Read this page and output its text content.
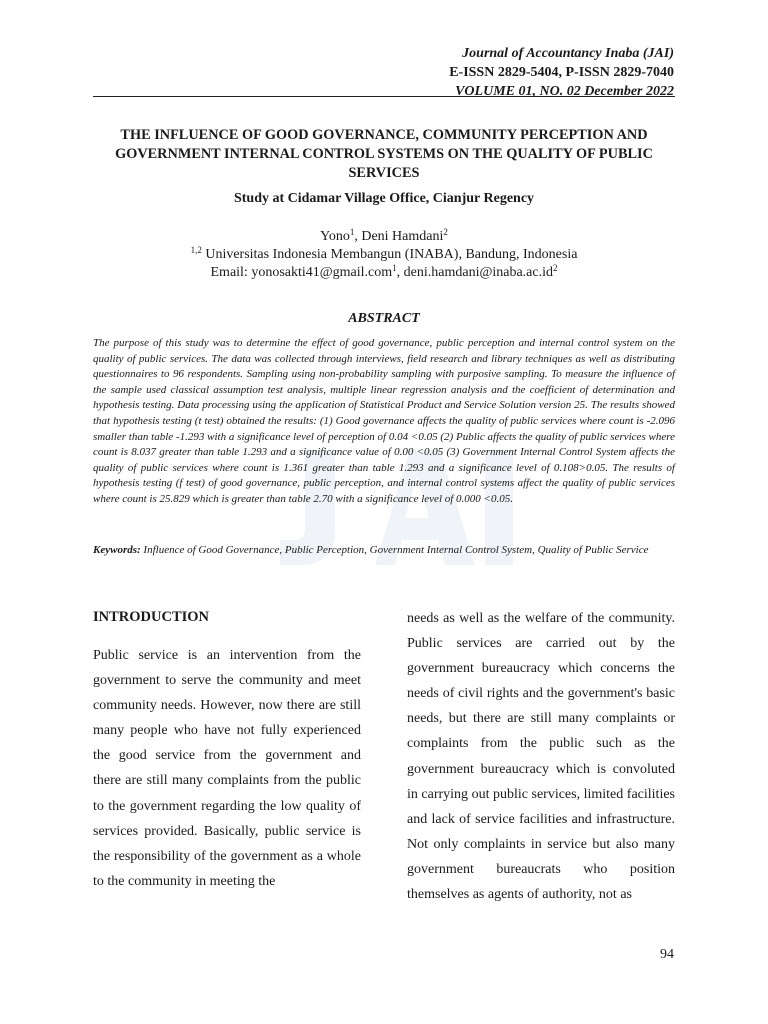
Journal of Accountancy Inaba (JAI)
E-ISSN 2829-5404, P-ISSN 2829-7040
VOLUME 01, NO. 02 December 2022
THE INFLUENCE OF GOOD GOVERNANCE, COMMUNITY PERCEPTION AND GOVERNMENT INTERNAL CONTROL SYSTEMS ON THE QUALITY OF PUBLIC SERVICES
Study at Cidamar Village Office, Cianjur Regency
Yono$^1$, Deni Hamdani$^2$
$^{1,2}$ Universitas Indonesia Membangun (INABA), Bandung, Indonesia
Email: yonosakti41@gmail.com$^1$, $deni.hamdani@inaba.ac.id^2$
ABSTRACT
The purpose of this study was to determine the effect of good governance, public perception and internal control system on the quality of public services. The data was collected through interviews, field research and library techniques as well as distributing questionnaires to 96 respondents. Sampling using non-probability sampling with purposive sampling. To measure the influence of the sample used classical assumption test analysis, multiple linear regression analysis and the coefficient of determination and hypothesis testing. Data processing using the application of Statistical Product and Service Solution version 25. The results showed that hypothesis testing (t test) obtained the results: (1) Good governance affects the quality of public services where count is -2.096 smaller than table -1.293 with a significance level of perception of 0.04 <0.05 (2) Public affects the quality of public services where count is 8.037 greater than table 1.293 and a significance value of 0.00 <0.05 (3) Government Internal Control System affects the quality of public services where count is 1.361 greater than table 1.293 and a significance level of 0.108>0.05. The results of hypothesis testing (f test) of good governance, public perception, and internal control systems affect the quality of public services where count is 25.829 which is greater than table 2.70 with a significance level of 0.000 <0.05.
Keywords: Influence of Good Governance, Public Perception, Government Internal Control System, Quality of Public Service
INTRODUCTION
Public service is an intervention from the government to serve the community and meet community needs. However, now there are still many people who have not fully experienced the good service from the government and there are still many complaints from the public to the government regarding the low quality of services provided. Basically, public service is the responsibility of the government as a whole to the community in meeting the
needs as well as the welfare of the community. Public services are carried out by the government bureaucracy which concerns the needs of civil rights and the government's basic needs, but there are still many complaints or complaints from the public such as the government bureaucracy which is convoluted in carrying out public services, limited facilities and lack of service facilities and infrastructure. Not only complaints in service but also many government bureaucrats who position themselves as agents of authority, not as
94
